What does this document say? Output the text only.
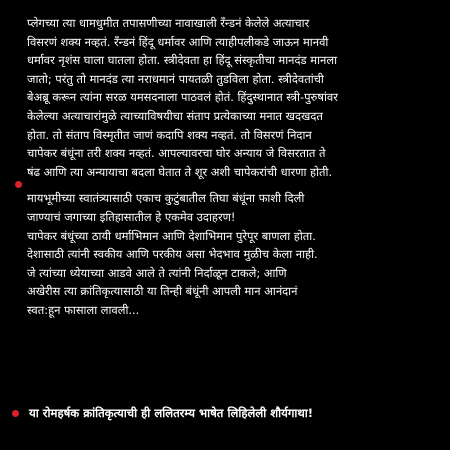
प्लेगच्या त्या धामधुमीत तपासणीच्या नावाखाली रँन्डनं केलेले अत्याचार
विसरणं शक्य नव्हतं. रँन्डनं हिंदू धर्मावर आणि त्याहीपलीकडे जाऊन मानवी
धर्मावर नृशंस घाला घातला होता. स्त्रीदेवता हा हिंदू संस्कृतीचा मानदंड मानला
जातो; परंतु तो मानदंड त्या नराधमानं पायतळी तुडविला होता. स्त्रीदेवतांची
बेअब्रू करून त्यांना सरळ यमसदनाला पाठवलं होतं. हिंदुस्थानात स्त्री-पुरुषांवर
केलेल्या अत्याचारांमुळे त्याच्याविषयीचा संताप प्रत्येकाच्या मनात खदखदत
होता. तो संताप विस्मृतीत जाणं कदापि शक्य नव्हतं. तो विसरणं निदान
चापेकर बंधूंना तरी शक्य नव्हतं. आपल्यावरचा घोर अन्याय जे विसरतात ते
षंढ आणि त्या अन्यायाचा बदला घेतात ते शूर अशी चापेकरांची धारणा होती.
मायभूमीच्या स्वातंत्र्यासाठी एकाच कुटुंबातील तिघा बंधूंना फाशी दिली
जाण्याचं जगाच्या इतिहासातील हे एकमेव उदाहरण!
चापेकर बंधूंच्या ठायी धर्माभिमान आणि देशाभिमान पुरेपूर बाणला होता.
देशासाठी त्यांनी स्वकीय आणि परकीय असा भेदभाव मुळीच केला नाही.
जे त्यांच्या ध्येयाच्या आडवे आले ते त्यांनी निर्दाळून टाकले; आणि
अखेरीस त्या क्रांतिकृत्यासाठी या तिन्ही बंधूंनी आपली मान आनंदानं
स्वत:हून फासाला लावली...
या रोमहर्षक क्रांतिकृत्याची ही ललितरम्य भाषेत लिहिलेली शौर्यगाथा!
